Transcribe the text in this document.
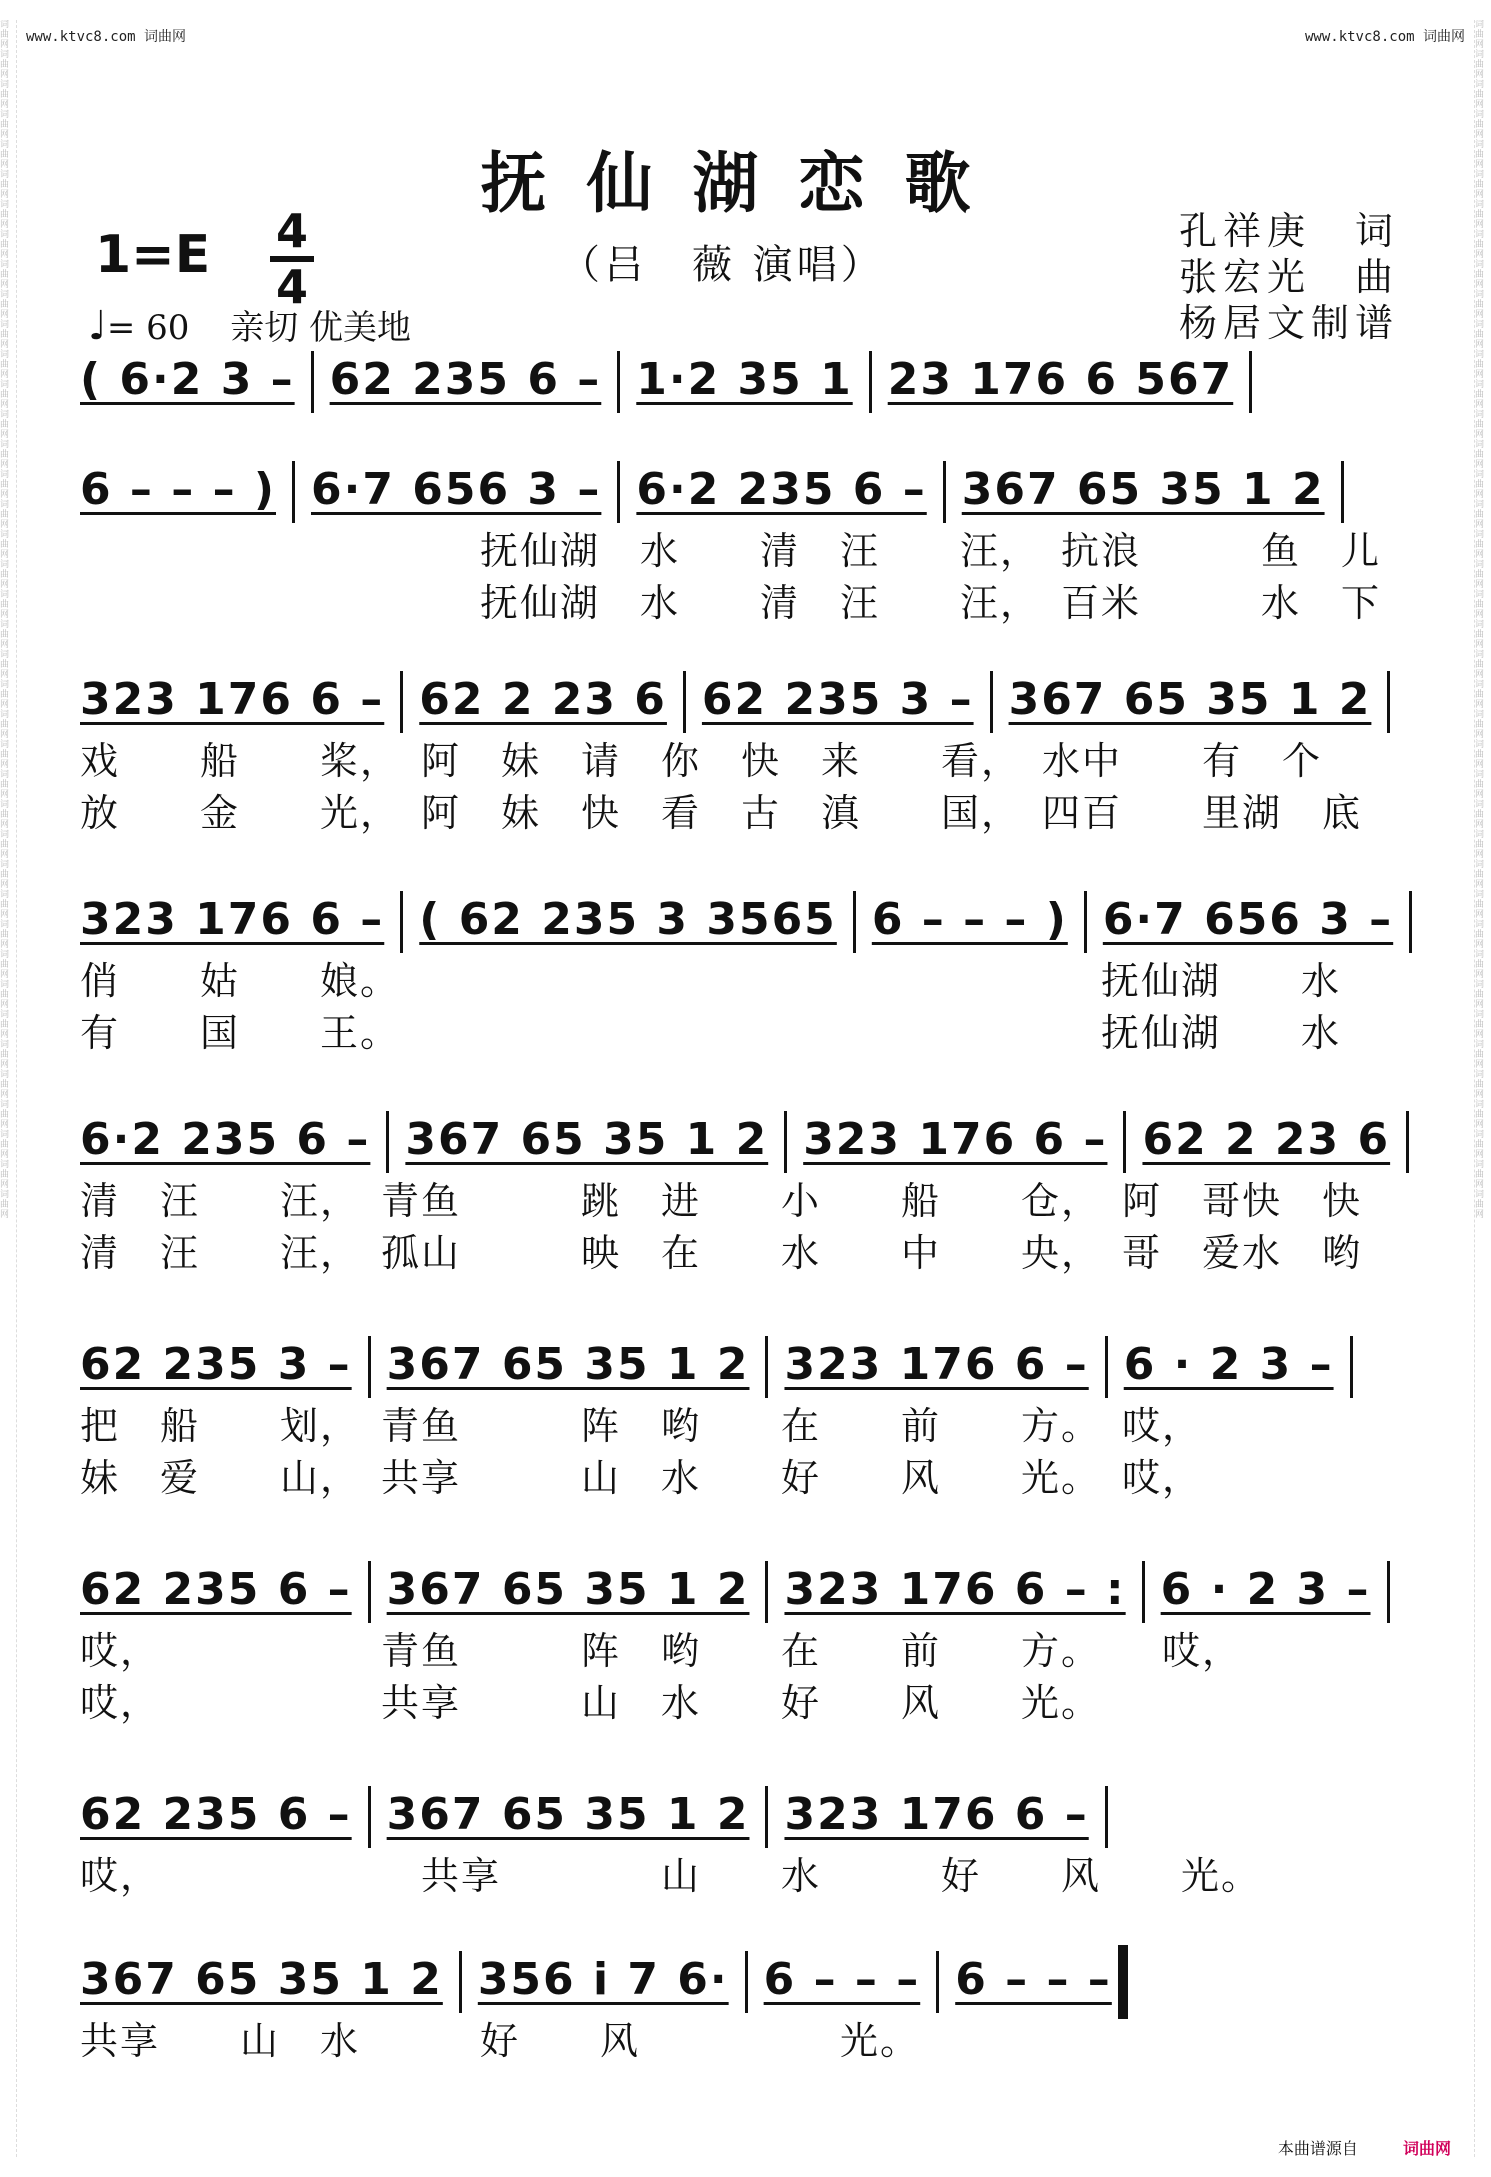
词 曲 网 词 曲 网 词 曲 网 词 曲 网 词 曲 网 词 曲 网 词 曲 网 词 曲 网 词 曲 网 词 曲 网 词 曲 网 词 曲 网 词 曲 网 词 曲 网 词 曲 网 词 曲 网 词 曲 网 词 曲 网 词 曲 网 词 曲 网 词 曲 网 词 曲 网 词 曲 网 词 曲 网 词 曲 网 词 曲 网 词 曲 网 词 曲 网 词 曲 网 词 曲 网 词 曲 网 词 曲 网 词 曲 网 词 曲 网 词 曲 网 词 曲 网 词 曲 网 词 曲 网 词 曲 网 词 曲 网
词 曲 网 词 曲 网 词 曲 网 词 曲 网 词 曲 网 词 曲 网 词 曲 网 词 曲 网 词 曲 网 词 曲 网 词 曲 网 词 曲 网 词 曲 网 词 曲 网 词 曲 网 词 曲 网 词 曲 网 词 曲 网 词 曲 网 词 曲 网 词 曲 网 词 曲 网 词 曲 网 词 曲 网 词 曲 网 词 曲 网 词 曲 网 词 曲 网 词 曲 网 词 曲 网 词 曲 网 词 曲 网 词 曲 网 词 曲 网 词 曲 网 词 曲 网 词 曲 网 词 曲 网 词 曲 网 词 曲 网
www.ktvc8.com 词曲网	www.ktvc8.com 词曲网
抚仙湖恋歌
1=E 4
4	（吕　薇 演唱）
孔祥庚　词
张宏光　曲
杨居文制谱
♩= 60 亲切 优美地
( 6·2 3 – 62 235 6 – 1·2 35 1 23 176 6 567
6 – – – ) 6·7 656 3 – 6·2 235 6 – 367 65 35 1 2
　　　　　　　　　　抚仙湖　水　　清　汪　　汪，　抗浪　　　鱼　儿
　　　　　　　　　　抚仙湖　水　　清　汪　　汪，　百米　　　水　下
323 176 6 – 62 2 23 6 62 235 3 – 367 65 35 1 2
戏　　船　　桨，　阿　妹　请　你　快　来　　看，　水中　　有　个
放　　金　　光，　阿　妹　快　看　古　滇　　国，　四百　　里湖　底
323 176 6 – ( 62 235 3 3565 6 – – – ) 6·7 656 3 –
俏　　姑　　娘。　　　　　　　　　　　　　　　　　　抚仙湖　　水
有　　国　　王。　　　　　　　　　　　　　　　　　　抚仙湖　　水
6·2 235 6 – 367 65 35 1 2 323 176 6 – 62 2 23 6
清　汪　　汪，　青鱼　　　跳　进　　小　　船　　仓，　阿　哥快　快
清　汪　　汪，　孤山　　　映　在　　水　　中　　央，　哥　爱水　哟
62 235 3 – 367 65 35 1 2 323 176 6 – 6 · 2 3 –
把　船　　划，　青鱼　　　阵　哟　　在　　前　　方。　哎，
妹　爱　　山，　共享　　　山　水　　好　　风　　光。　哎，
62 235 6 – 367 65 35 1 2 323 176 6 – : 6 · 2 3 –
哎，　　　　　　青鱼　　　阵　哟　　在　　前　　方。　　哎，
哎，　　　　　　共享　　　山　水　　好　　风　　光。
62 235 6 – 367 65 35 1 2 323 176 6 –
哎，　　　　　　　共享　　　　山　　水　　　好　　风　　光。
367 65 35 1 2 356 i 7 6· 6 – – – 6 – – –
共享　　山　水　　　好　　风　　　　　光。
本曲谱源自	词曲网
